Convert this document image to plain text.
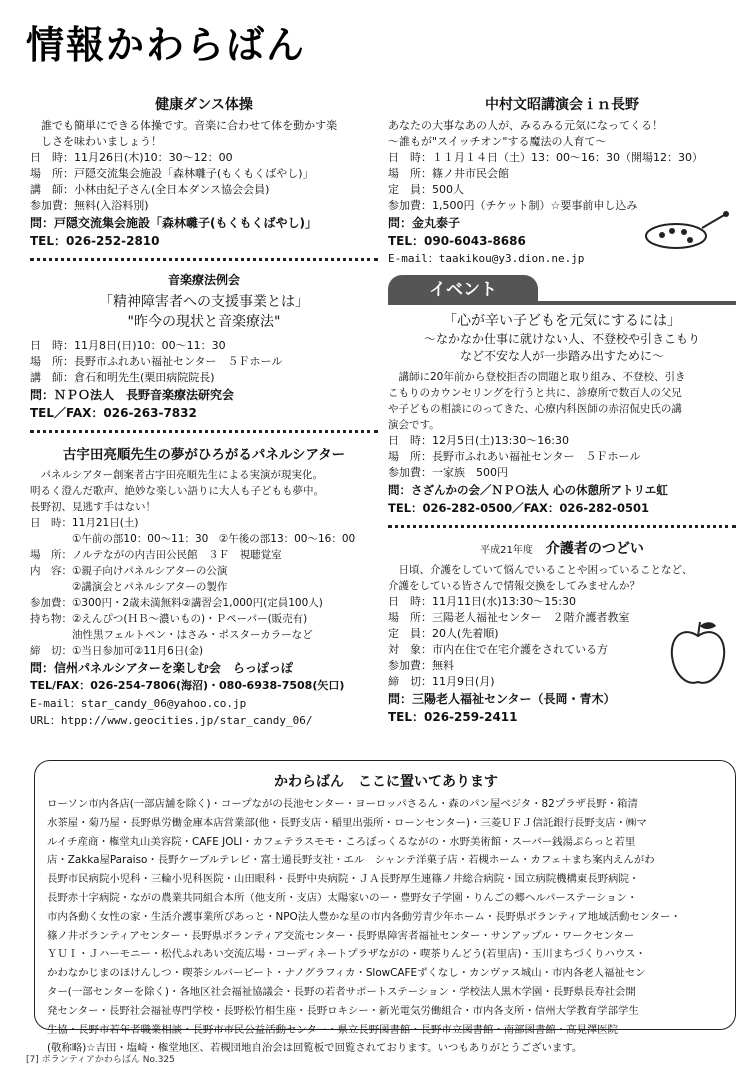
情報かわらばん
健康ダンス体操
　誰でも簡単にできる体操です。音楽に合わせて体を動かす楽
　しさを味わいましょう！
日　時：11月26日(木)10：30～12：00
場　所：戸隠交流集会施設「森林囃子(もくもくばやし)」
講　師：小林由紀子さん(全日本ダンス協会会員)
参加費：無料(入浴料別)
問：戸隠交流集会施設「森林囃子(もくもくばやし)」
TEL：026-252-2810
音楽療法例会
「精神障害者への支援事業とは」
"昨今の現状と音楽療法"
日　時：11月8日(日)10：00～11：30
場　所：長野市ふれあい福祉センター　５Ｆホール
講　師：倉石和明先生(栗田病院院長)
問：ＮＰＯ法人　長野音楽療法研究会
TEL／FAX：026-263-7832
古宇田亮順先生の夢がひろがるパネルシアター
　パネルシアター創案者古宇田亮順先生による実演が現実化。
明るく澄んだ歌声、絶妙な楽しい語りに大人も子どもも夢中。
長野初、見逃す手はない！
日　時：11月21日(土)
　　　　①午前の部10：00～11：30　②午後の部13：00～16：00
場　所：ノルテながの内吉田公民館　３Ｆ　視聴覚室
内　容：①親子向けパネルシアターの公演
　　　　②講演会とパネルシアターの製作
参加費：①300円・2歳未満無料②講習会1,000円(定員100人)
持ち物：②えんぴつ(ＨＢ～濃いもの)・Ｐペーパー(販売有)
　　　　油性黒フェルトペン・はさみ・ポスターカラーなど
締　切：①当日参加可②11月6日(金)
問：信州パネルシアターを楽しむ会　らっぽっぽ
TEL/FAX：026-254-7806(海沼)・080-6938-7508(矢口)
E-mail：star_candy_06@yahoo.co.jp
URL：htpp://www.geocities.jp/star_candy_06/
中村文昭講演会ｉｎ長野
あなたの大事なあの人が、みるみる元気になってくる！
～誰もが"スイッチオン"する魔法の人育て～
日　時：１１月１４日（土）13：00～16：30（開場12：30）
場　所：篠ノ井市民会館
定　員：500人
参加費：1,500円（チケット制）☆要事前申し込み
問：金丸泰子
TEL：090-6043-8686
E-mail：taakikou@y3.dion.ne.jp
イベント
「心が辛い子どもを元気にするには」
～なかなか仕事に就けない人、不登校や引きこもり
など不安な人が一歩踏み出すために～
　講師に20年前から登校拒否の問題と取り組み、不登校、引き
こもりのカウンセリングを行うと共に、診療所で数百人の父兄
や子どもの相談にのってきた、心療内科医師の赤沼侃史氏の講
演会です。
日　時：12月5日(土)13:30～16:30
場　所：長野市ふれあい福祉センター　５Ｆホール
参加費：一家族　500円
問：さざんかの会／ＮＰＯ法人 心の休憩所アトリエ虹
TEL：026-282-0500／FAX：026-282-0501
平成21年度 介護者のつどい
　日頃、介護をしていて悩んでいることや困っていることなど、
介護をしている皆さんで情報交換をしてみませんか？
日　時：11月11日(水)13:30～15:30
場　所：三陽老人福祉センター　２階介護者教室
定　員：20人(先着順)
対　象：市内在住で在宅介護をされている方
参加費：無料
締　切：11月9日(月)
問：三陽老人福祉センター（長岡・青木）
TEL：026-259-2411
かわらばん　ここに置いてあります
ローソン市内各店(一部店舗を除く)・コープながの長池センター・ヨーロッパさるん・森のパン屋ベジタ・82プラザ長野・箱清
水茶屋・菊乃屋・長野県労働金庫本店営業部(他・長野支店・稲里出張所・ローンセンター)・三菱ＵＦＪ信託銀行長野支店・㈱マ
ルイチ産商・権堂丸山美容院・CAFE JOLI・カフェテラスモモ・ころぼっくるながの・水野美術館・スーパー銭湯ぷらっと若里
店・Zakka屋Paraiso・長野ケーブルテレビ・富士通長野支社・エル　シャンテ洋菓子店・若槻ホーム・カフェ＋まち案内えんがわ
長野市民病院小児科・三輪小児科医院・山田眼科・長野中央病院・ＪＡ長野厚生連篠ノ井総合病院・国立病院機構東長野病院・
長野赤十字病院・ながの農業共同組合本所（他支所・支店）太陽家いのー・豊野女子学園・りんごの郷ヘルパーステーション・
市内各動く女性の家・生活介護事業所ぴあっと・NPO法人豊かな星の市内各動労青少年ホーム・長野県ボランティア地域活動センター・
篠ノ井ボランティアセンター・長野県ボランティア交流センター・長野県障害者福祉センター・サンアップル・ワークセンター
ＹＵＩ・Ｊハーモニー・松代ふれあい交流広場・コーディネートプラザながの・喫茶りんどう(若里店)・玉川まちづくりハウス・
かわなかじまのほけんしつ・喫茶シルバービート・ナノグラフィカ・SlowCAFEずくなし・カンヴァス城山・市内各老人福祉セン
ター(一部センターを除く)・各地区社会福祉協議会・長野の若者サポートステーション・学校法人黒木学園・長野県長寿社会開
発センター・長野社会福祉専門学校・長野松竹相生座・長野ロキシー・新光電気労働組合・市内各支所・信州大学教育学部学生
生協・長野市若年者職業相談・長野市市民公益活動センター・県立長野図書館・長野市立図書館・南部図書館・高見澤医院
(敬称略)☆吉田・塩崎・権堂地区、若槻団地自治会は回覧板で回覧されております。いつもありがとうございます。
[7] ボランティアかわらばん No.325
